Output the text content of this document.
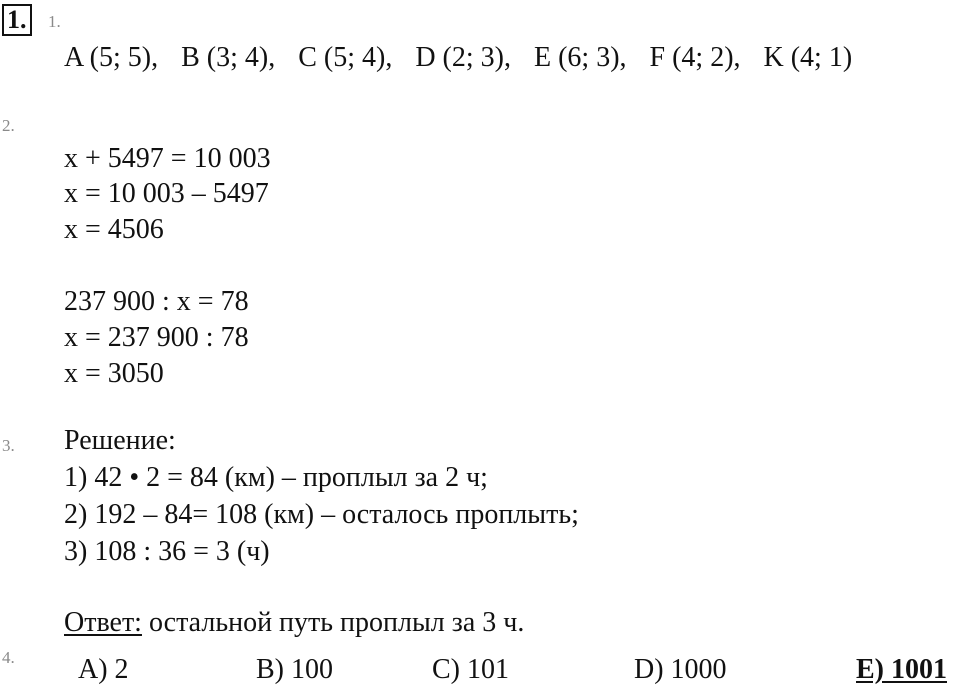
1. 1.
A (5; 5), B (3; 4), C (5; 4), D (2; 3), E (6; 3), F (4; 2), K (4; 1)
2.
x + 5497 = 10 003
x = 10 003 – 5497
x = 4506
237 900 : x = 78
x = 237 900 : 78
x = 3050
3. Решение:
1) 42 • 2 = 84 (км) – проплыл за 2 ч;
2) 192 – 84= 108 (км) – осталось проплыть;
3) 108 : 36 = 3 (ч)
Ответ: остальной путь проплыл за 3 ч.
4. A) 2	B) 100	C) 101	D) 1000	E) 1001
